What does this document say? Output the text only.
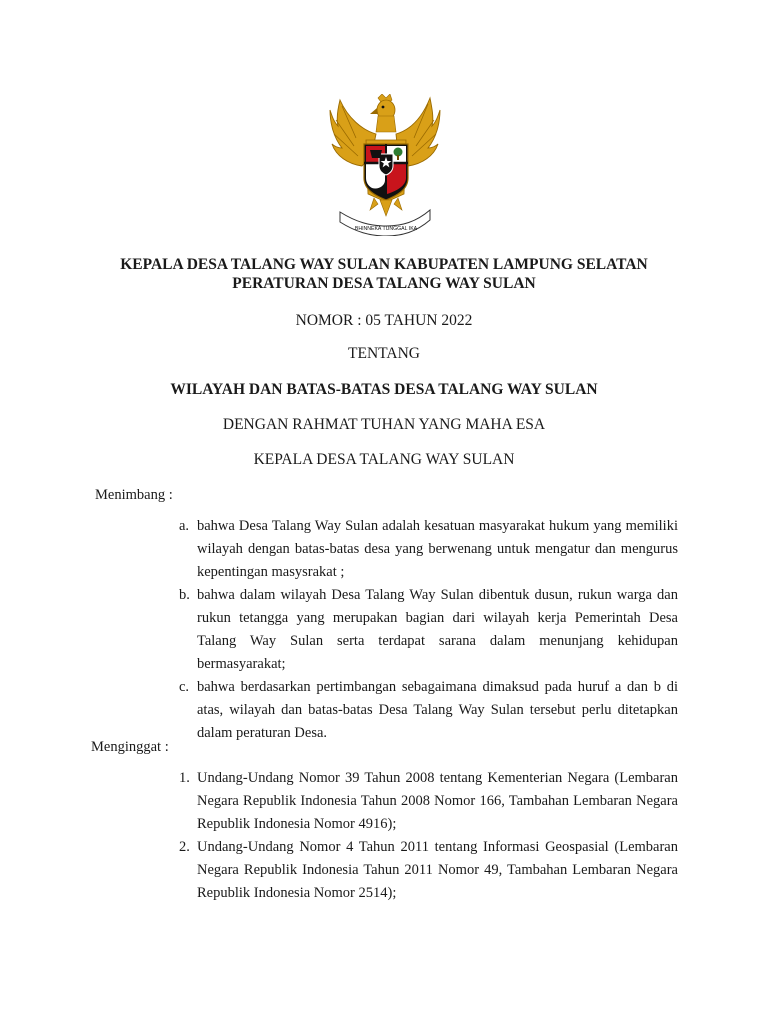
BHINNEKA TUNGGAL IKA
KEPALA DESA TALANG WAY SULAN KABUPATEN LAMPUNG SELATAN
PERATURAN DESA TALANG WAY SULAN
NOMOR : 05 TAHUN 2022
TENTANG
WILAYAH DAN BATAS-BATAS DESA TALANG WAY SULAN
DENGAN RAHMAT TUHAN YANG MAHA ESA
KEPALA DESA TALANG WAY SULAN
Menimbang :
a. bahwa Desa Talang Way Sulan adalah kesatuan masyarakat hukum yang memiliki wilayah dengan batas-batas desa yang berwenang untuk mengatur dan mengurus kepentingan masysrakat ;
b. bahwa dalam wilayah Desa Talang Way Sulan dibentuk dusun, rukun warga dan rukun tetangga yang merupakan bagian dari wilayah kerja Pemerintah Desa Talang Way Sulan serta terdapat sarana dalam menunjang kehidupan bermasyarakat;
c. bahwa berdasarkan pertimbangan sebagaimana dimaksud pada huruf a dan b di atas, wilayah dan batas-batas Desa Talang Way Sulan tersebut perlu ditetapkan dalam peraturan Desa.
Menginggat :
1. Undang-Undang Nomor 39 Tahun 2008 tentang Kementerian Negara (Lembaran Negara Republik Indonesia Tahun 2008 Nomor 166, Tambahan Lembaran Negara Republik Indonesia Nomor 4916);
2. Undang-Undang Nomor 4 Tahun 2011 tentang Informasi Geospasial (Lembaran Negara Republik Indonesia Tahun 2011 Nomor 49, Tambahan Lembaran Negara Republik Indonesia Nomor 2514);
